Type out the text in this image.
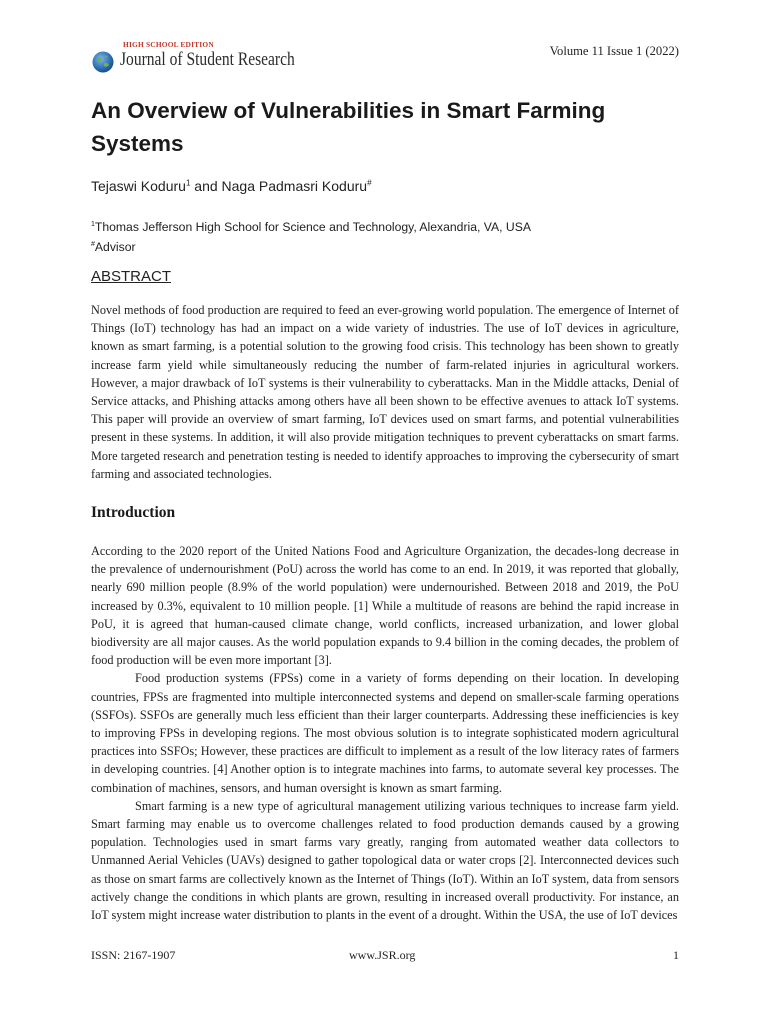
HIGH SCHOOL EDITION
Journal of Student Research	Volume 11 Issue 1 (2022)
An Overview of Vulnerabilities in Smart Farming Systems
Tejaswi Koduru$^1$ and Naga Padmasri Koduru#
$^1$Thomas Jefferson High School for Science and Technology, Alexandria, VA, USA
#Advisor
ABSTRACT

Novel methods of food production are required to feed an ever-growing world population. The emergence of Internet of Things (IoT) technology has had an impact on a wide variety of industries. The use of IoT devices in agriculture, known as smart farming, is a potential solution to the growing food crisis. This technology has been shown to greatly increase farm yield while simultaneously reducing the number of farm-related injuries in agricultural workers. However, a major drawback of IoT systems is their vulnerability to cyberattacks. Man in the Middle attacks, Denial of Service attacks, and Phishing attacks among others have all been shown to be effective avenues to attack IoT systems. This paper will provide an overview of smart farming, IoT devices used on smart farms, and potential vulnerabilities present in these systems. In addition, it will also provide mitigation techniques to prevent cyberattacks on smart farms. More targeted research and penetration testing is needed to identify approaches to improving the cybersecurity of smart farming and associated technologies.

Introduction

According to the 2020 report of the United Nations Food and Agriculture Organization, the decades-long decrease in the prevalence of undernourishment (PoU) across the world has come to an end. In 2019, it was reported that globally, nearly 690 million people (8.9% of the world population) were undernourished. Between 2018 and 2019, the PoU increased by 0.3%, equivalent to 10 million people. [1] While a multitude of reasons are behind the rapid increase in PoU, it is agreed that human-caused climate change, world conflicts, increased urbanization, and lower global biodiversity are all major causes. As the world population expands to 9.4 billion in the coming decades, the problem of food production will be even more important [3].

Food production systems (FPSs) come in a variety of forms depending on their location. In developing countries, FPSs are fragmented into multiple interconnected systems and depend on smaller-scale farming operations (SSFOs). SSFOs are generally much less efficient than their larger counterparts. Addressing these inefficiencies is key to improving FPSs in developing regions. The most obvious solution is to integrate sophisticated modern agricultural practices into SSFOs; However, these practices are difficult to implement as a result of the low literacy rates of farmers in developing countries. [4] Another option is to integrate machines into farms, to automate several key processes. The combination of machines, sensors, and human oversight is known as smart farming.

Smart farming is a new type of agricultural management utilizing various techniques to increase farm yield. Smart farming may enable us to overcome challenges related to food production demands caused by a growing population. Technologies used in smart farms vary greatly, ranging from automated weather data collectors to Unmanned Aerial Vehicles (UAVs) designed to gather topological data or water crops [2]. Interconnected devices such as those on smart farms are collectively known as the Internet of Things (IoT). Within an IoT system, data from sensors actively change the conditions in which plants are grown, resulting in increased overall productivity. For instance, an IoT system might increase water distribution to plants in the event of a drought. Within the USA, the use of IoT devices

ISSN: 2167-1907	www.JSR.org	1
